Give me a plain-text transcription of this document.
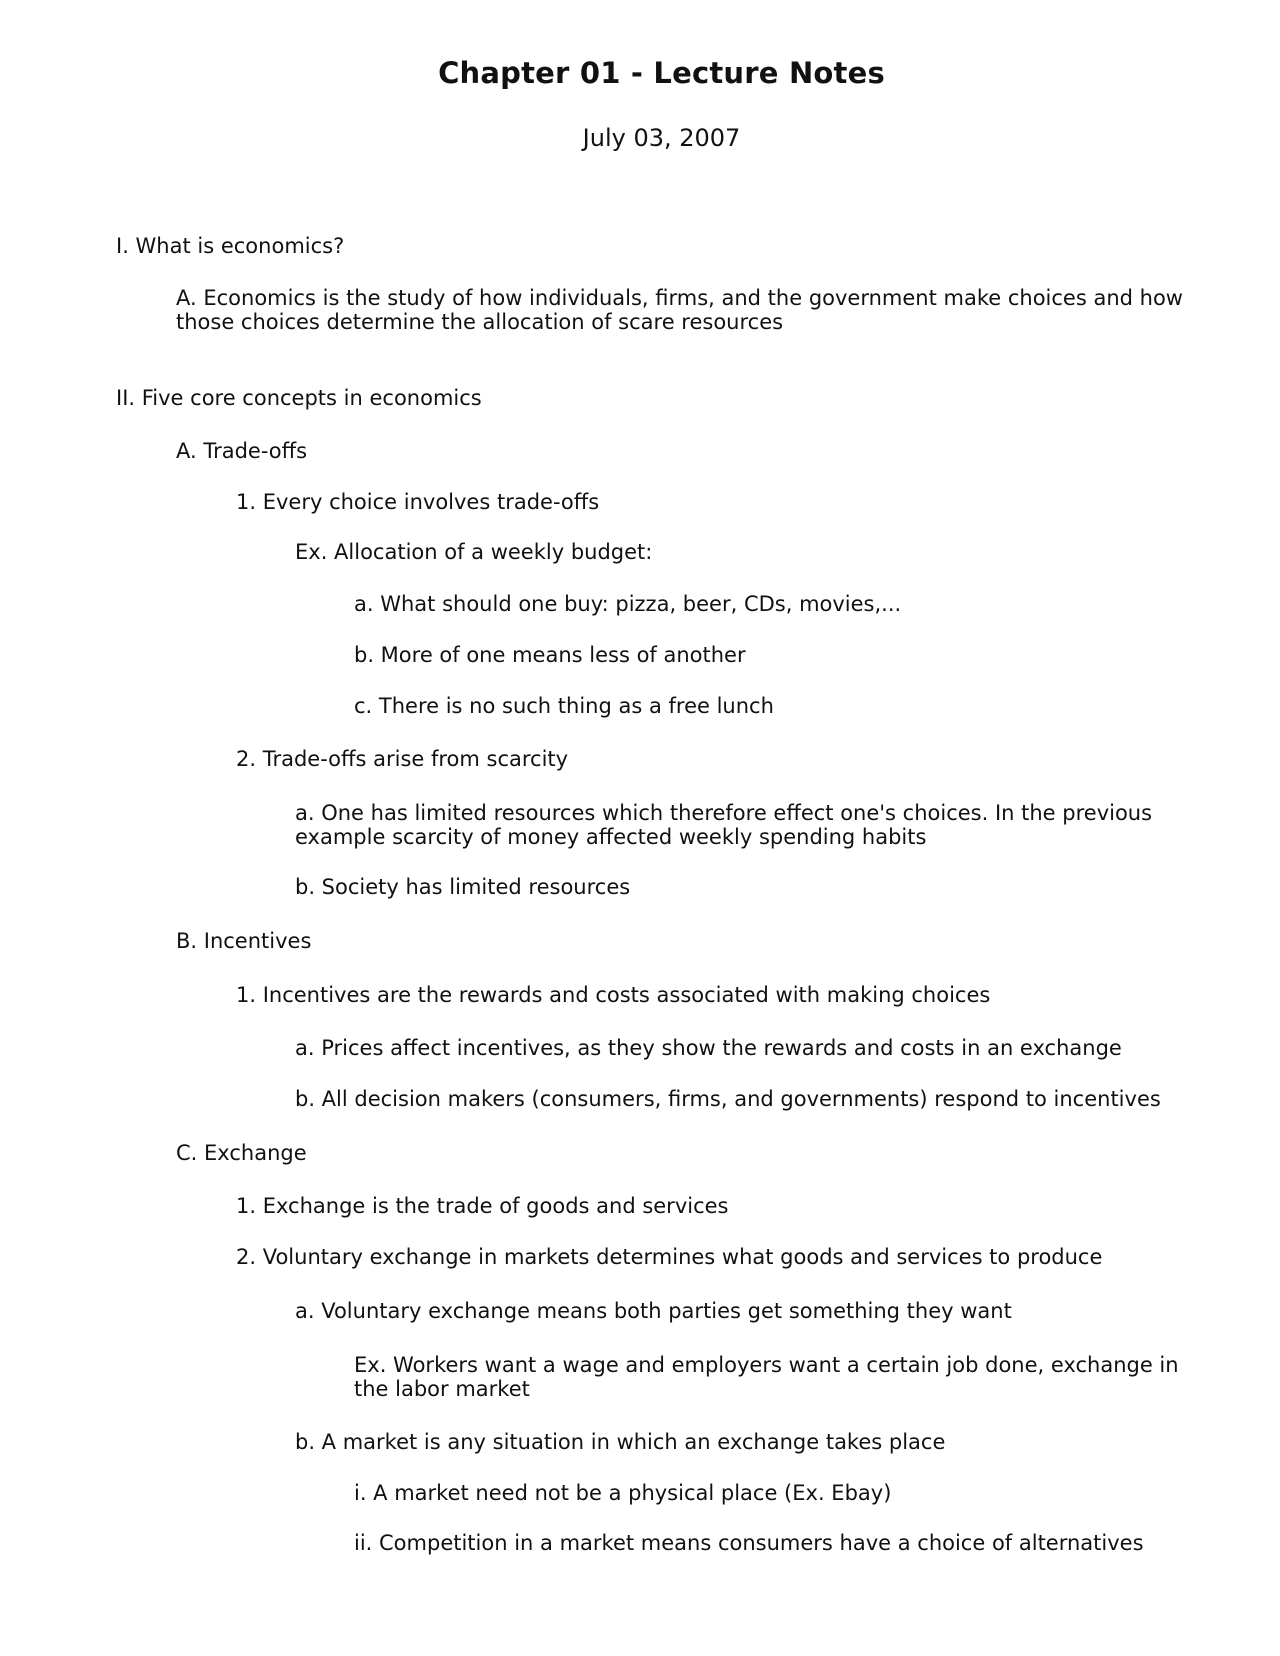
Chapter 01 - Lecture Notes
July 03, 2007
I. What is economics?
A. Economics is the study of how individuals, firms, and the government make choices and how
those choices determine the allocation of scare resources
II. Five core concepts in economics
A. Trade-offs
1. Every choice involves trade-offs
Ex. Allocation of a weekly budget:
a. What should one buy: pizza, beer, CDs, movies,...
b. More of one means less of another
c. There is no such thing as a free lunch
2. Trade-offs arise from scarcity
a. One has limited resources which therefore effect one's choices. In the previous
example scarcity of money affected weekly spending habits
b. Society has limited resources
B. Incentives
1. Incentives are the rewards and costs associated with making choices
a. Prices affect incentives, as they show the rewards and costs in an exchange
b. All decision makers (consumers, firms, and governments) respond to incentives
C. Exchange
1. Exchange is the trade of goods and services
2. Voluntary exchange in markets determines what goods and services to produce
a. Voluntary exchange means both parties get something they want
Ex. Workers want a wage and employers want a certain job done, exchange in
the labor market
b. A market is any situation in which an exchange takes place
i. A market need not be a physical place (Ex. Ebay)
ii. Competition in a market means consumers have a choice of alternatives
